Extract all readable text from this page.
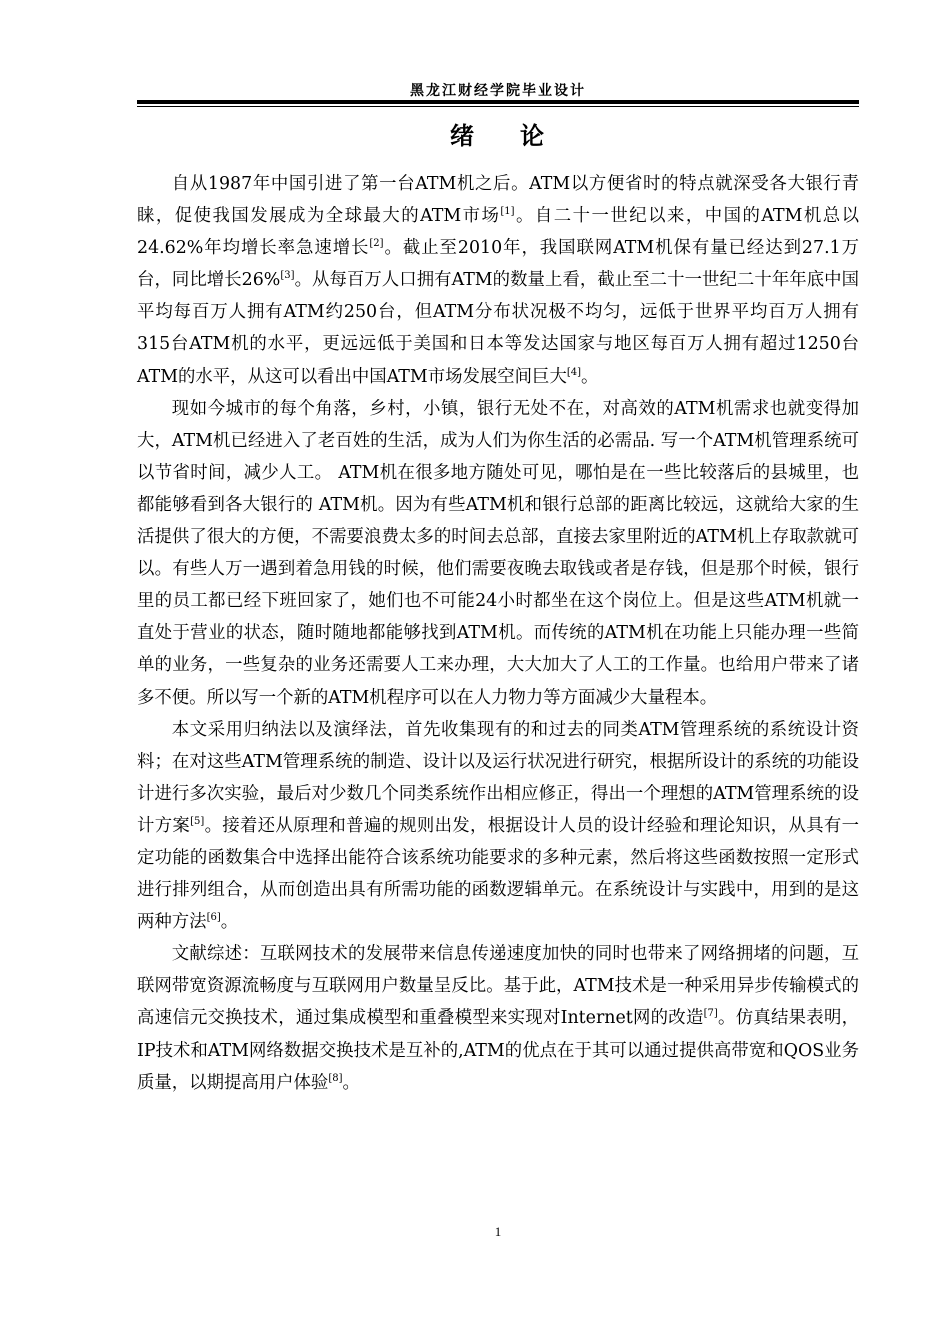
黑龙江财经学院毕业设计
绪 论

自从1987年中国引进了第一台ATM机之后。ATM以方便省时的特点就深受各大银行青睐，促使我国发展成为全球最大的ATM市场[1]。自二十一世纪以来，中国的ATM机总以24.62%年均增长率急速增长[2]。截止至2010年，我国联网ATM机保有量已经达到27.1万台，同比增长26%[3]。从每百万人口拥有ATM的数量上看，截止至二十一世纪二十年年底中国平均每百万人拥有ATM约250台，但ATM分布状况极不均匀，远低于世界平均百万人拥有315台ATM机的水平，更远远低于美国和日本等发达国家与地区每百万人拥有超过1250台ATM的水平，从这可以看出中国ATM市场发展空间巨大[4]。

现如今城市的每个角落，乡村，小镇，银行无处不在，对高效的ATM机需求也就变得加大，ATM机已经进入了老百姓的生活，成为人们为你生活的必需品. 写一个ATM机管理系统可以节省时间，减少人工。 ATM机在很多地方随处可见，哪怕是在一些比较落后的县城里，也都能够看到各大银行的 ATM机。因为有些ATM机和银行总部的距离比较远，这就给大家的生活提供了很大的方便，不需要浪费太多的时间去总部，直接去家里附近的ATM机上存取款就可以。有些人万一遇到着急用钱的时候，他们需要夜晚去取钱或者是存钱，但是那个时候，银行里的员工都已经下班回家了，她们也不可能24小时都坐在这个岗位上。但是这些ATM机就一直处于营业的状态，随时随地都能够找到ATM机。而传统的ATM机在功能上只能办理一些简单的业务，一些复杂的业务还需要人工来办理，大大加大了人工的工作量。也给用户带来了诸多不便。所以写一个新的ATM机程序可以在人力物力等方面减少大量程本。

本文采用归纳法以及演绎法，首先收集现有的和过去的同类ATM管理系统的系统设计资料；在对这些ATM管理系统的制造、设计以及运行状况进行研究，根据所设计的系统的功能设计进行多次实验，最后对少数几个同类系统作出相应修正，得出一个理想的ATM管理系统的设计方案[5]。接着还从原理和普遍的规则出发，根据设计人员的设计经验和理论知识，从具有一定功能的函数集合中选择出能符合该系统功能要求的多种元素，然后将这些函数按照一定形式进行排列组合，从而创造出具有所需功能的函数逻辑单元。在系统设计与实践中，用到的是这两种方法[6]。

文献综述：互联网技术的发展带来信息传递速度加快的同时也带来了网络拥堵的问题，互联网带宽资源流畅度与互联网用户数量呈反比。基于此，ATM技术是一种采用异步传输模式的高速信元交换技术，通过集成模型和重叠模型来实现对Internet网的改造[7]。仿真结果表明，IP技术和ATM网络数据交换技术是互补的,ATM的优点在于其可以通过提供高带宽和QOS业务质量，以期提高用户体验[8]。

1
